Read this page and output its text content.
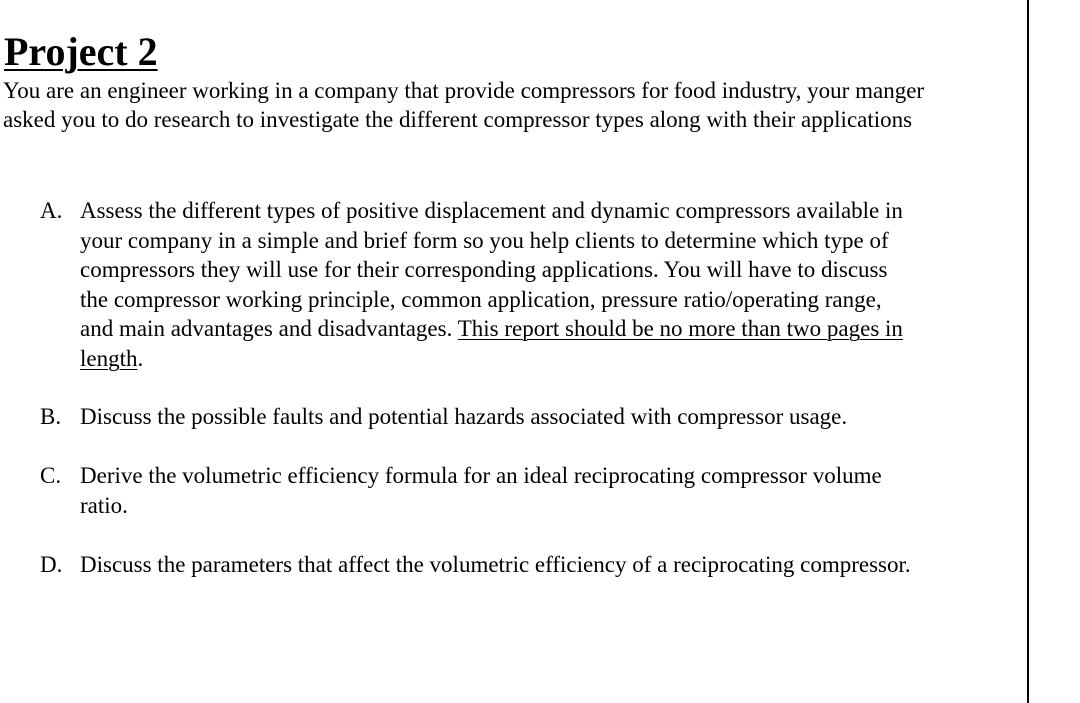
Project 2

You are an engineer working in a company that provide compressors for food industry, your manger
asked you to do research to investigate the different compressor types along with their applications

A. Assess the different types of positive displacement and dynamic compressors available in
your company in a simple and brief form so you help clients to determine which type of
compressors they will use for their corresponding applications. You will have to discuss
the compressor working principle, common application, pressure ratio/operating range,
and main advantages and disadvantages. This report should be no more than two pages in
length.
B. Discuss the possible faults and potential hazards associated with compressor usage.
C. Derive the volumetric efficiency formula for an ideal reciprocating compressor volume
ratio.
D. Discuss the parameters that affect the volumetric efficiency of a reciprocating compressor.
